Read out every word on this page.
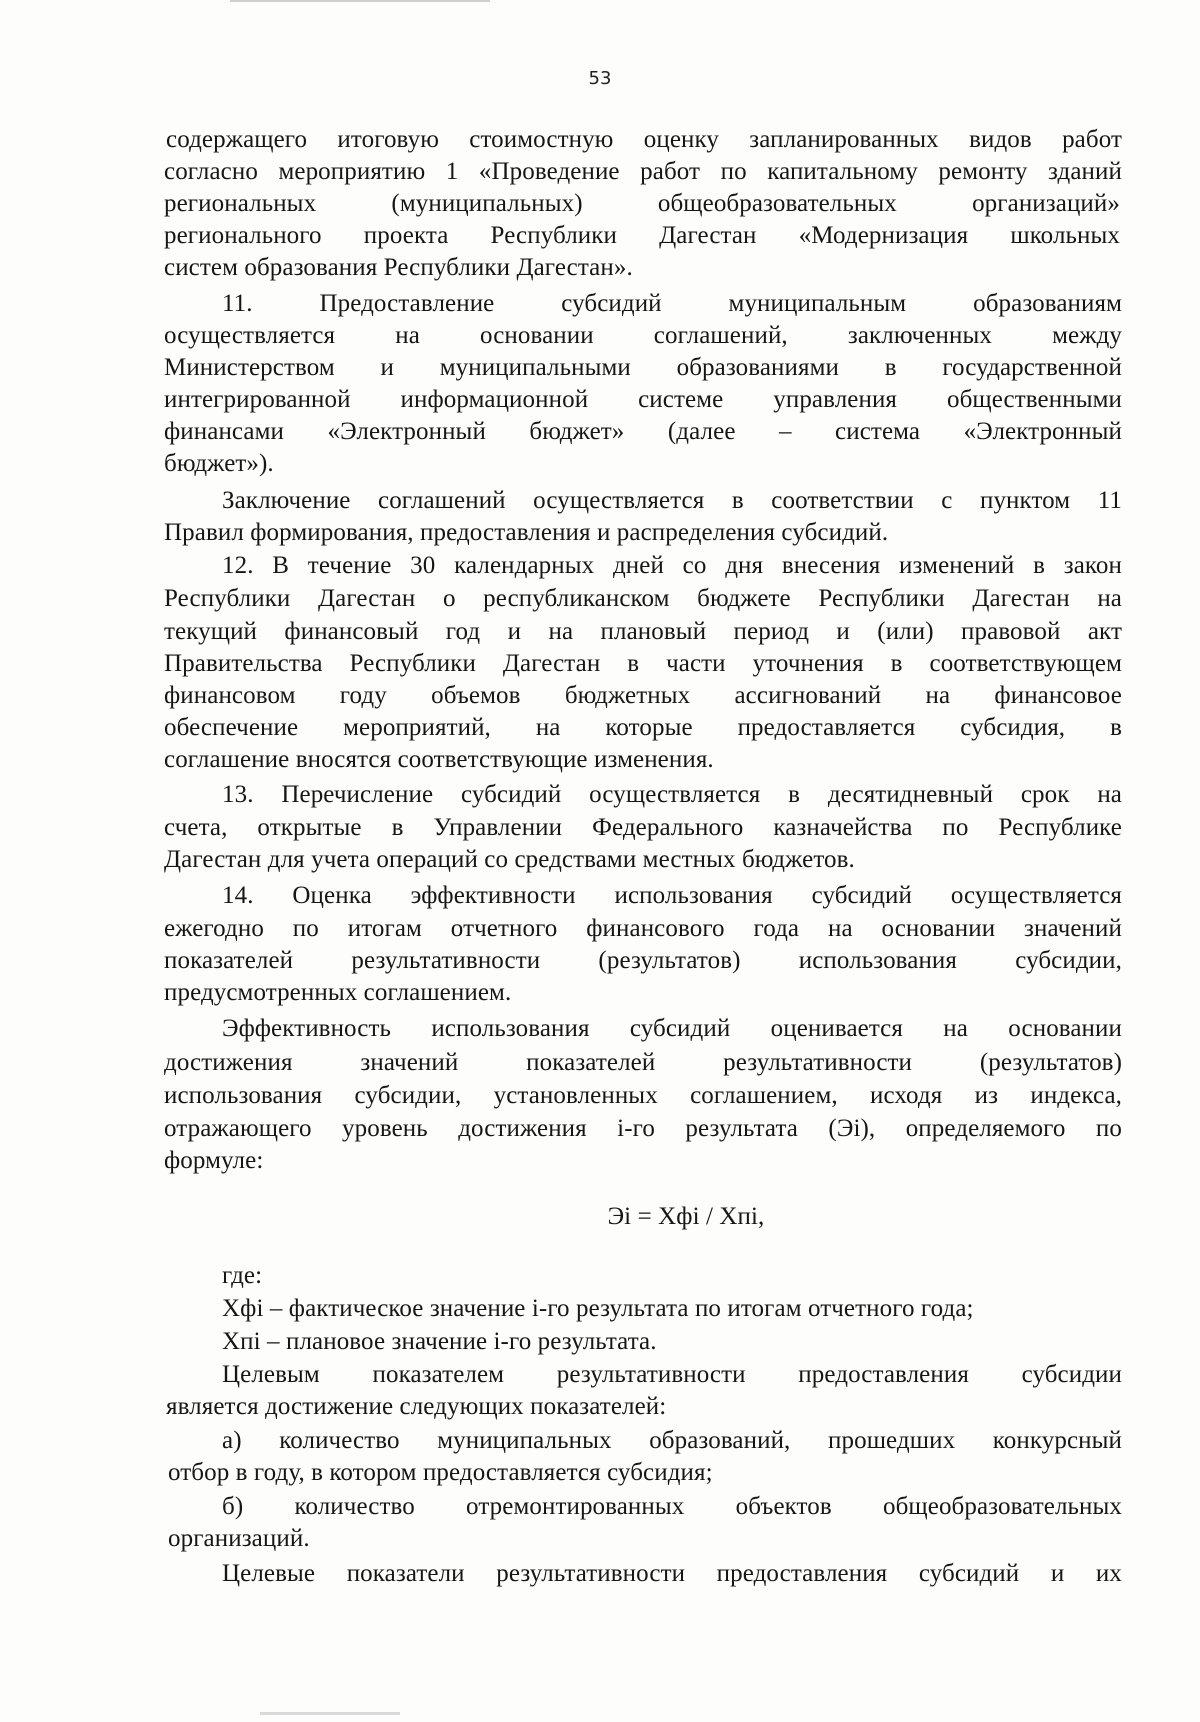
53
содержащего итоговую стоимостную оценку запланированных видов работ
согласно мероприятию 1 «Проведение работ по капитальному ремонту зданий
региональных (муниципальных) общеобразовательных организаций»
регионального проекта Республики Дагестан «Модернизация школьных
систем образования Республики Дагестан».
11. Предоставление субсидий муниципальным образованиям
осуществляется на основании соглашений, заключенных между
Министерством и муниципальными образованиями в государственной
интегрированной информационной системе управления общественными
финансами «Электронный бюджет» (далее – система «Электронный
бюджет»).
Заключение соглашений осуществляется в соответствии с пунктом 11
Правил формирования, предоставления и распределения субсидий.
12. В течение 30 календарных дней со дня внесения изменений в закон
Республики Дагестан о республиканском бюджете Республики Дагестан на
текущий финансовый год и на плановый период и (или) правовой акт
Правительства Республики Дагестан в части уточнения в соответствующем
финансовом году объемов бюджетных ассигнований на финансовое
обеспечение мероприятий, на которые предоставляется субсидия, в
соглашение вносятся соответствующие изменения.
13. Перечисление субсидий осуществляется в десятидневный срок на
счета, открытые в Управлении Федерального казначейства по Республике
Дагестан для учета операций со средствами местных бюджетов.
14. Оценка эффективности использования субсидий осуществляется
ежегодно по итогам отчетного финансового года на основании значений
показателей результативности (результатов) использования субсидии,
предусмотренных соглашением.
Эффективность использования субсидий оценивается на основании
достижения значений показателей результативности (результатов)
использования субсидии, установленных соглашением, исходя из индекса,
отражающего уровень достижения i-го результата (Эi), определяемого по
формуле:
Эi = Хфi / Хпi,
где:
Хфi – фактическое значение i-го результата по итогам отчетного года;
Хпi – плановое значение i-го результата.
Целевым показателем результативности предоставления субсидии
является достижение следующих показателей:
а) количество муниципальных образований, прошедших конкурсный
отбор в году, в котором предоставляется субсидия;
б) количество отремонтированных объектов общеобразовательных
организаций.
Целевые показатели результативности предоставления субсидий и их
